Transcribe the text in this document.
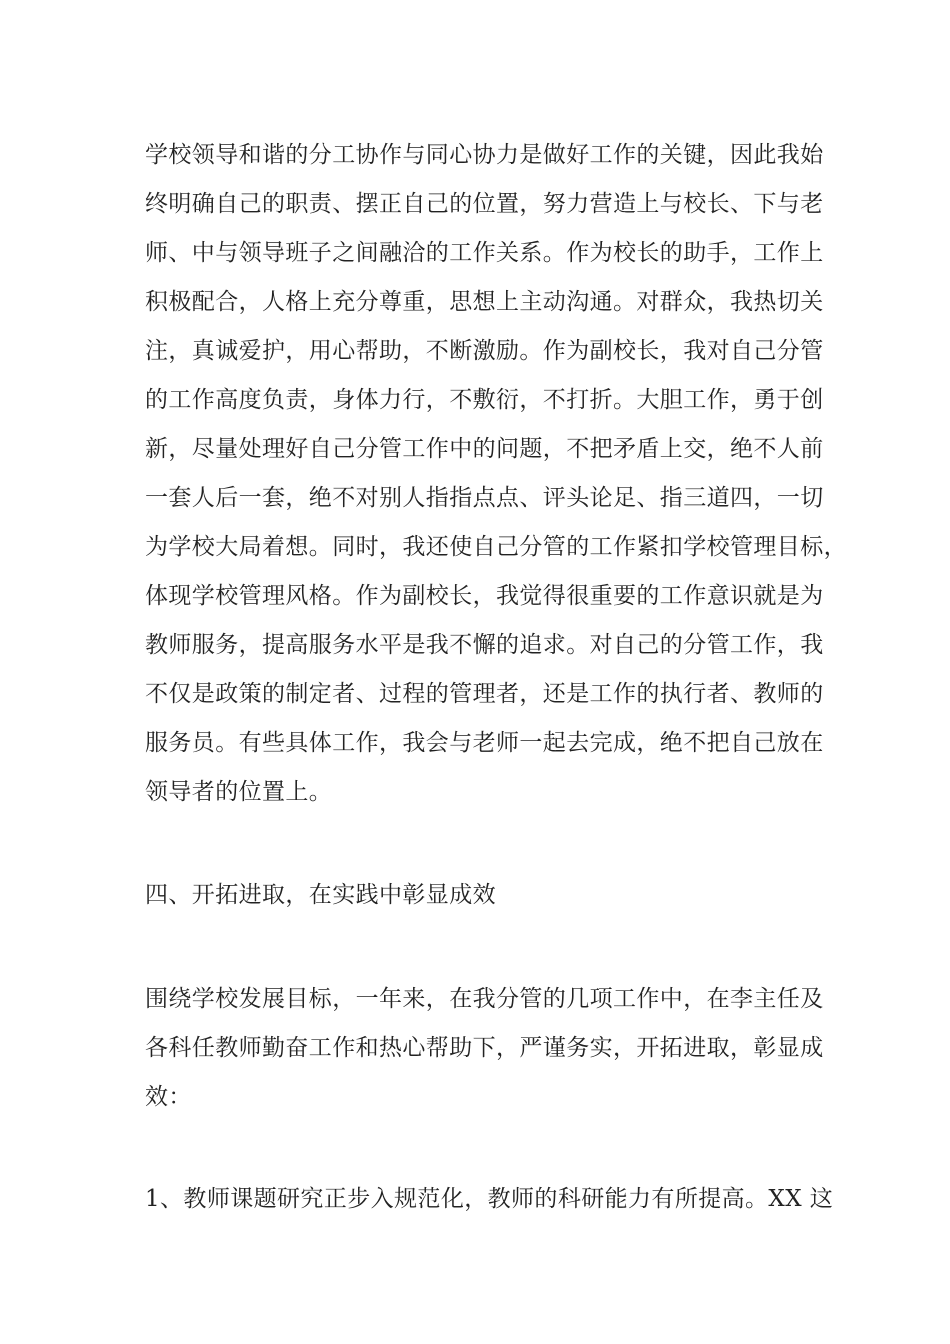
学校领导和谐的分工协作与同心协力是做好工作的关键，因此我始
终明确自己的职责、摆正自己的位置，努力营造上与校长、下与老
师、中与领导班子之间融洽的工作关系。作为校长的助手，工作上
积极配合，人格上充分尊重，思想上主动沟通。对群众，我热切关
注，真诚爱护，用心帮助，不断激励。作为副校长，我对自己分管
的工作高度负责，身体力行，不敷衍，不打折。大胆工作，勇于创
新，尽量处理好自己分管工作中的问题，不把矛盾上交，绝不人前
一套人后一套，绝不对别人指指点点、评头论足、指三道四，一切
为学校大局着想。同时，我还使自己分管的工作紧扣学校管理目标，
体现学校管理风格。作为副校长，我觉得很重要的工作意识就是为
教师服务，提高服务水平是我不懈的追求。对自己的分管工作，我
不仅是政策的制定者、过程的管理者，还是工作的执行者、教师的
服务员。有些具体工作，我会与老师一起去完成，绝不把自己放在
领导者的位置上。
四、开拓进取，在实践中彰显成效
围绕学校发展目标，一年来，在我分管的几项工作中，在李主任及
各科任教师勤奋工作和热心帮助下，严谨务实，开拓进取，彰显成
效：
1、教师课题研究正步入规范化，教师的科研能力有所提高。XX 这
